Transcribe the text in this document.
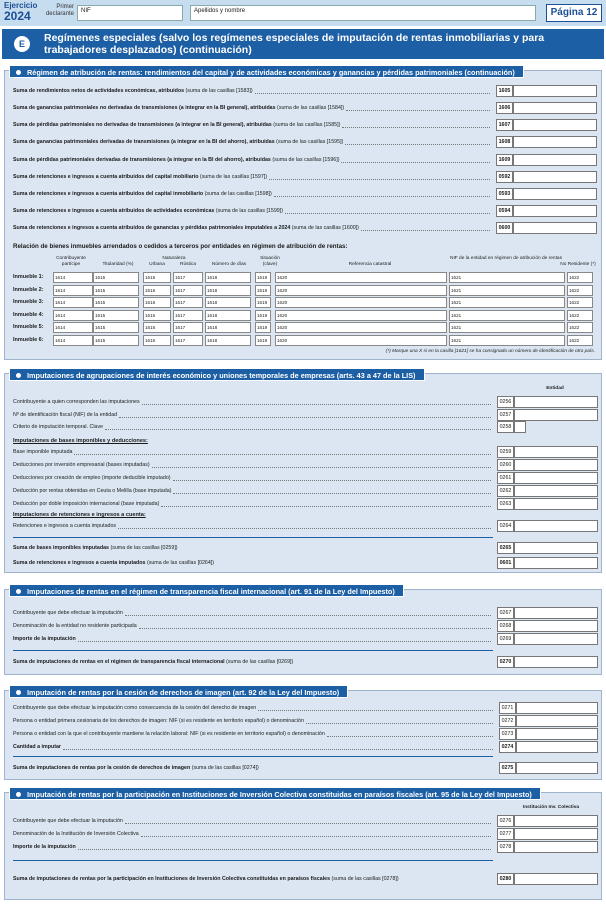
Ejercicio
2024
Primer declarante	NIF	Apellidos y nombre	Página 12
E	Regímenes especiales (salvo los regímenes especiales de imputación de rentas inmobiliarias y para trabajadores desplazados) (continuación)
Régimen de atribución de rentas: rendimientos del capital y de actividades económicas y ganancias y pérdidas patrimoniales (continuación)
Suma de rendimientos netos de actividades económicas, atribuidos (suma de las casillas [1583])	1605
Suma de ganancias patrimoniales no derivadas de transmisiones (a integrar en la BI general), atribuidas (suma de las casillas [1584])	1606
Suma de pérdidas patrimoniales no derivadas de transmisiones (a integrar en la BI general), atribuidas (suma de las casillas [1585])	1607
Suma de ganancias patrimoniales derivadas de transmisiones (a integrar en la BI del ahorro), atribuidas (suma de las casillas [1595])	1608
Suma de pérdidas patrimoniales derivadas de transmisiones (a integrar en la BI del ahorro), atribuidas (suma de las casillas [1596])	1609
Suma de retenciones e ingresos a cuenta atribuidos del capital mobiliario (suma de las casillas [1597])	0592
Suma de retenciones e ingresos a cuenta atribuidos del capital inmobiliario (suma de las casillas [1598])	0593
Suma de retenciones e ingresos a cuenta atribuidos de actividades económicas (suma de las casillas [1599])	0594
Suma de retenciones e ingresos a cuenta atribuidos de ganancias y pérdidas patrimoniales imputables a 2024 (suma de las casillas [1600])	0600
Relación de bienes inmuebles arrendados o cedidos a terceros por entidades en régimen de atribución de rentas:
Contribuyente partícipe	Titularidad (%)
Naturaleza
Urbana	Rústica	Número de días
Situación (clave)	Referencia catastral
NIF de la entidad en régimen de atribución de rentas
No Residente (*)
Inmueble 1:	1614	1615	1616	1617	1618	1619	1620	1621	1622
Inmueble 2:	1614	1615	1616	1617	1618	1619	1620	1621	1622
Inmueble 3:	1614	1615	1616	1617	1618	1619	1620	1621	1622
Inmueble 4:	1614	1615	1616	1617	1618	1619	1620	1621	1622
Inmueble 5:	1614	1615	1616	1617	1618	1619	1620	1621	1622
Inmueble 6:	1614	1615	1616	1617	1618	1619	1620	1621	1622
(*) Marque una X si en la casilla [1621] se ha consignado un número de identificación de otro país.
Imputaciones de agrupaciones de interés económico y uniones temporales de empresas (arts. 43 a 47 de la LIS)
Entidad
Contribuyente a quien corresponden las imputaciones	0256
Nº de identificación fiscal (NIF) de la entidad	0257
Criterio de imputación temporal. Clave	0258
Imputaciones de bases imponibles y deducciones:
Base imponible imputada	0259
Deducciones por inversión empresarial (bases imputadas)	0260
Deducciones por creación de empleo (importe deducible imputado)	0261
Deducción por rentas obtenidas en Ceuta o Melilla (base imputada)	0262
Deducción por doble imposición internacional (base imputada)	0263
Imputaciones de retenciones e ingresos a cuenta:
Retenciones e ingresos a cuenta imputados	0264
Suma de bases imponibles imputadas (suma de las casillas [0259])	0265
Suma de retenciones e ingresos a cuenta imputados (suma de las casillas [0264])	0601
Imputaciones de rentas en el régimen de transparencia fiscal internacional (art. 91 de la Ley del Impuesto)
Contribuyente que debe efectuar la imputación	0267
Denominación de la entidad no residente participada	0268
Importe de la imputación	0269
Suma de imputaciones de rentas en el régimen de transparencia fiscal internacional (suma de las casillas [0269])	0270
Imputación de rentas por la cesión de derechos de imagen (art. 92 de la Ley del Impuesto)
Contribuyente que debe efectuar la imputación como consecuencia de la cesión del derecho de imagen	0271
Persona o entidad primera cesionaria de los derechos de imagen: NIF (si es residente en territorio español) o denominación	0272
Persona o entidad con la que el contribuyente mantiene la relación laboral: NIF (si es residente en territorio español) o denominación	0273
Cantidad a imputar	0274
Suma de imputaciones de rentas por la cesión de derechos de imagen (suma de las casillas [0274])	0275
Imputación de rentas por la participación en Instituciones de Inversión Colectiva constituidas en paraísos fiscales (art. 95 de la Ley del Impuesto)
Institución Inv. Colectiva
Contribuyente que debe efectuar la imputación	0276
Denominación de la Institución de Inversión Colectiva	0277
Importe de la imputación	0278
Suma de imputaciones de rentas por la participación en Instituciones de Inversión Colectiva constituidas en paraísos fiscales (suma de las casillas [0278])	0280
